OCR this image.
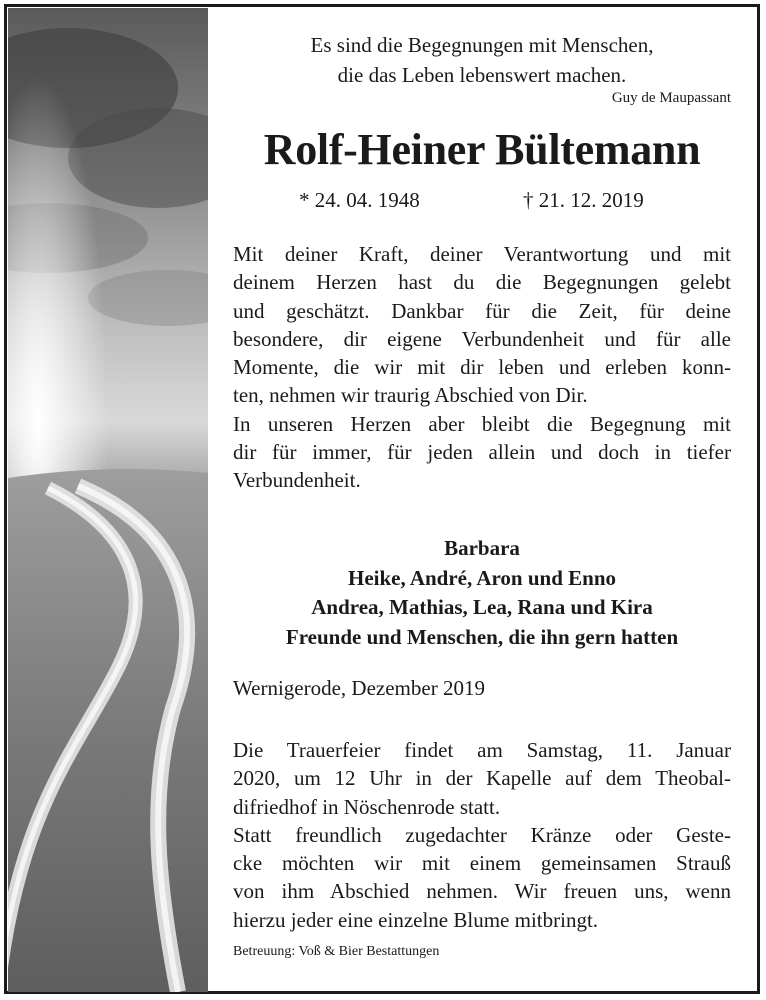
Es sind die Begegnungen mit Menschen,
die das Leben lebenswert machen.
Guy de Maupassant
Rolf-Heiner Bültemann
* 24. 04. 1948	† 21. 12. 2019
Mit deiner Kraft, deiner Verantwortung und mit
deinem Herzen hast du die Begegnungen gelebt
und geschätzt. Dankbar für die Zeit, für deine
besondere, dir eigene Verbundenheit und für alle
Momente, die wir mit dir leben und erleben konn-
ten, nehmen wir traurig Abschied von Dir.
In unseren Herzen aber bleibt die Begegnung mit
dir für immer, für jeden allein und doch in tiefer
Verbundenheit.
Barbara
Heike, André, Aron und Enno
Andrea, Mathias, Lea, Rana und Kira
Freunde und Menschen, die ihn gern hatten
Wernigerode, Dezember 2019
Die Trauerfeier findet am Samstag, 11. Januar
2020, um 12 Uhr in der Kapelle auf dem Theobal-
difriedhof in Nöschenrode statt.
Statt freundlich zugedachter Kränze oder Geste-
cke möchten wir mit einem gemeinsamen Strauß
von ihm Abschied nehmen. Wir freuen uns, wenn
hierzu jeder eine einzelne Blume mitbringt.
Betreuung: Voß & Bier Bestattungen
